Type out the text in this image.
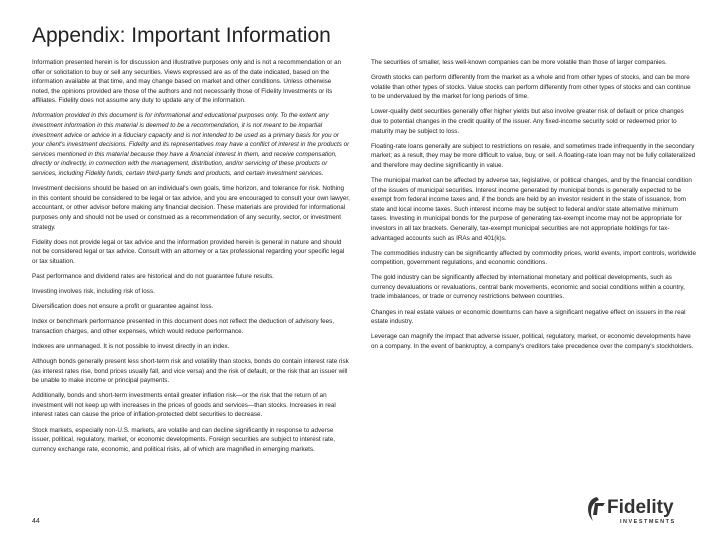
Appendix: Important Information

Information presented herein is for discussion and illustrative purposes only and is not a recommendation or an offer or solicitation to buy or sell any securities. Views expressed are as of the date indicated, based on the information available at that time, and may change based on market and other conditions. Unless otherwise noted, the opinions provided are those of the authors and not necessarily those of Fidelity Investments or its affiliates. Fidelity does not assume any duty to update any of the information.

Information provided in this document is for informational and educational purposes only. To the extent any investment information in this material is deemed to be a recommendation, it is not meant to be impartial investment advice or advice in a fiduciary capacity and is not intended to be used as a primary basis for you or your client's investment decisions. Fidelity and its representatives may have a conflict of interest in the products or services mentioned in this material because they have a financial interest in them, and receive compensation, directly or indirectly, in connection with the management, distribution, and/or servicing of these products or services, including Fidelity funds, certain third-party funds and products, and certain investment services.

Investment decisions should be based on an individual's own goals, time horizon, and tolerance for risk. Nothing in this content should be considered to be legal or tax advice, and you are encouraged to consult your own lawyer, accountant, or other advisor before making any financial decision. These materials are provided for informational purposes only and should not be used or construed as a recommendation of any security, sector, or investment strategy.

Fidelity does not provide legal or tax advice and the information provided herein is general in nature and should not be considered legal or tax advice. Consult with an attorney or a tax professional regarding your specific legal or tax situation.

Past performance and dividend rates are historical and do not guarantee future results.

Investing involves risk, including risk of loss.

Diversification does not ensure a profit or guarantee against loss.

Index or benchmark performance presented in this document does not reflect the deduction of advisory fees, transaction charges, and other expenses, which would reduce performance.

Indexes are unmanaged. It is not possible to invest directly in an index.

Although bonds generally present less short-term risk and volatility than stocks, bonds do contain interest rate risk (as interest rates rise, bond prices usually fall, and vice versa) and the risk of default, or the risk that an issuer will be unable to make income or principal payments.

Additionally, bonds and short-term investments entail greater inflation risk—or the risk that the return of an investment will not keep up with increases in the prices of goods and services—than stocks. Increases in real interest rates can cause the price of inflation-protected debt securities to decrease.

Stock markets, especially non-U.S. markets, are volatile and can decline significantly in response to adverse issuer, political, regulatory, market, or economic developments. Foreign securities are subject to interest rate, currency exchange rate, economic, and political risks, all of which are magnified in emerging markets.

The securities of smaller, less well-known companies can be more volatile than those of larger companies.

Growth stocks can perform differently from the market as a whole and from other types of stocks, and can be more volatile than other types of stocks. Value stocks can perform differently from other types of stocks and can continue to be undervalued by the market for long periods of time.

Lower-quality debt securities generally offer higher yields but also involve greater risk of default or price changes due to potential changes in the credit quality of the issuer. Any fixed-income security sold or redeemed prior to maturity may be subject to loss.

Floating-rate loans generally are subject to restrictions on resale, and sometimes trade infrequently in the secondary market; as a result, they may be more difficult to value, buy, or sell. A floating-rate loan may not be fully collateralized and therefore may decline significantly in value.

The municipal market can be affected by adverse tax, legislative, or political changes, and by the financial condition of the issuers of municipal securities. Interest income generated by municipal bonds is generally expected to be exempt from federal income taxes and, if the bonds are held by an investor resident in the state of issuance, from state and local income taxes. Such interest income may be subject to federal and/or state alternative minimum taxes. Investing in municipal bonds for the purpose of generating tax-exempt income may not be appropriate for investors in all tax brackets. Generally, tax-exempt municipal securities are not appropriate holdings for tax-advantaged accounts such as IRAs and 401(k)s.

The commodities industry can be significantly affected by commodity prices, world events, import controls, worldwide competition, government regulations, and economic conditions.

The gold industry can be significantly affected by international monetary and political developments, such as currency devaluations or revaluations, central bank movements, economic and social conditions within a country, trade imbalances, or trade or currency restrictions between countries.

Changes in real estate values or economic downturns can have a significant negative effect on issuers in the real estate industry.

Leverage can magnify the impact that adverse issuer, political, regulatory, market, or economic developments have on a company. In the event of bankruptcy, a company's creditors take precedence over the company's stockholders.

44
Fidelity
INVESTMENTS
